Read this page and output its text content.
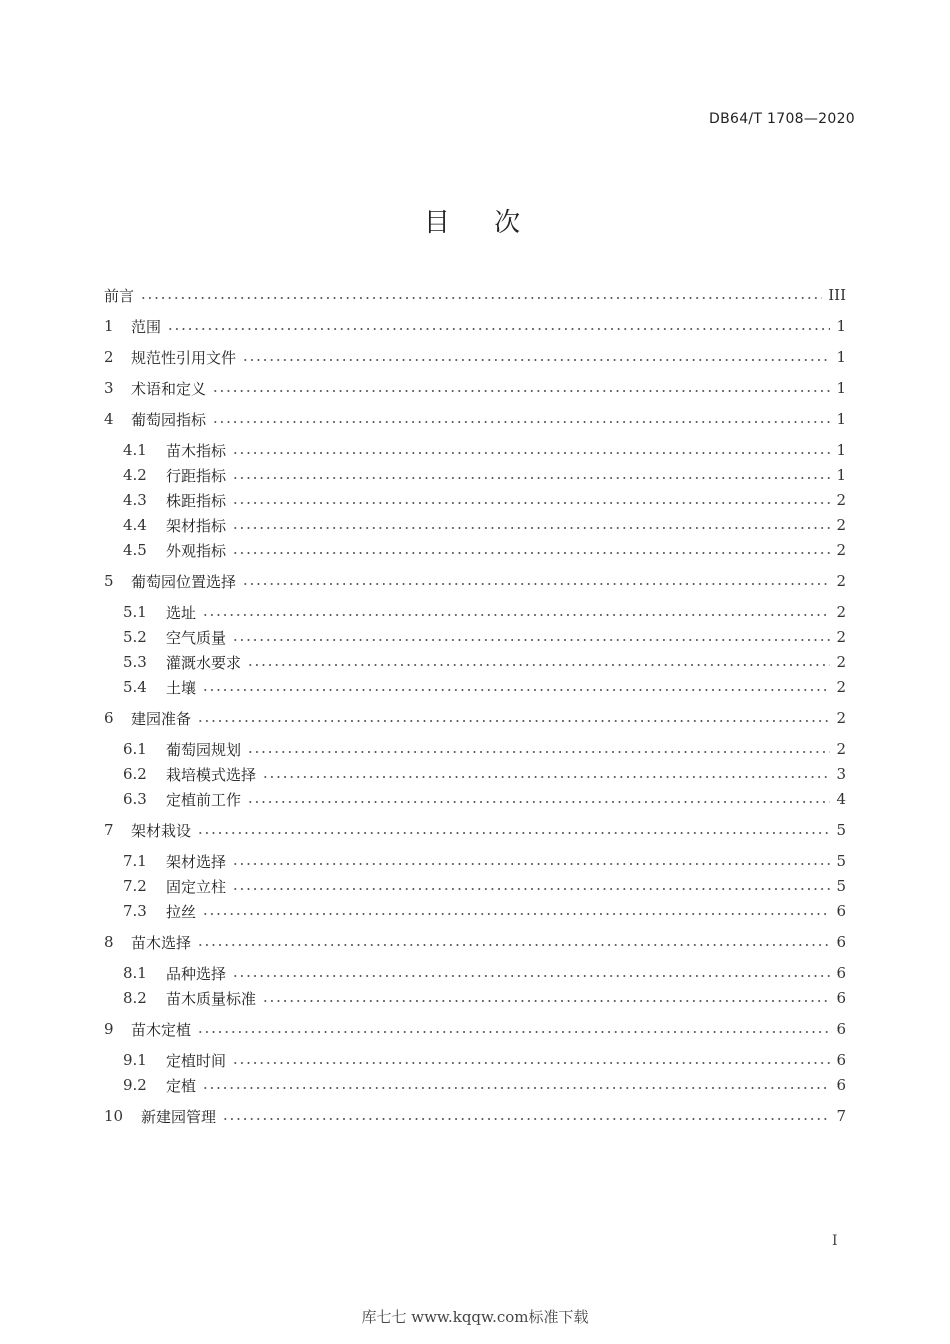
DB64/T 1708—2020
目 次
前言	III
1	范围	1
2	规范性引用文件	1
3	术语和定义	1
4	葡萄园指标	1
4.1	苗木指标	1
4.2	行距指标	1
4.3	株距指标	2
4.4	架材指标	2
4.5	外观指标	2
5	葡萄园位置选择	2
5.1	选址	2
5.2	空气质量	2
5.3	灌溉水要求	2
5.4	土壤	2
6	建园准备	2
6.1	葡萄园规划	2
6.2	栽培模式选择	3
6.3	定植前工作	4
7	架材栽设	5
7.1	架材选择	5
7.2	固定立柱	5
7.3	拉丝	6
8	苗木选择	6
8.1	品种选择	6
8.2	苗木质量标准	6
9	苗木定植	6
9.1	定植时间	6
9.2	定植	6
10	新建园管理	7
I
库七七 www.kqqw.com标准下载
